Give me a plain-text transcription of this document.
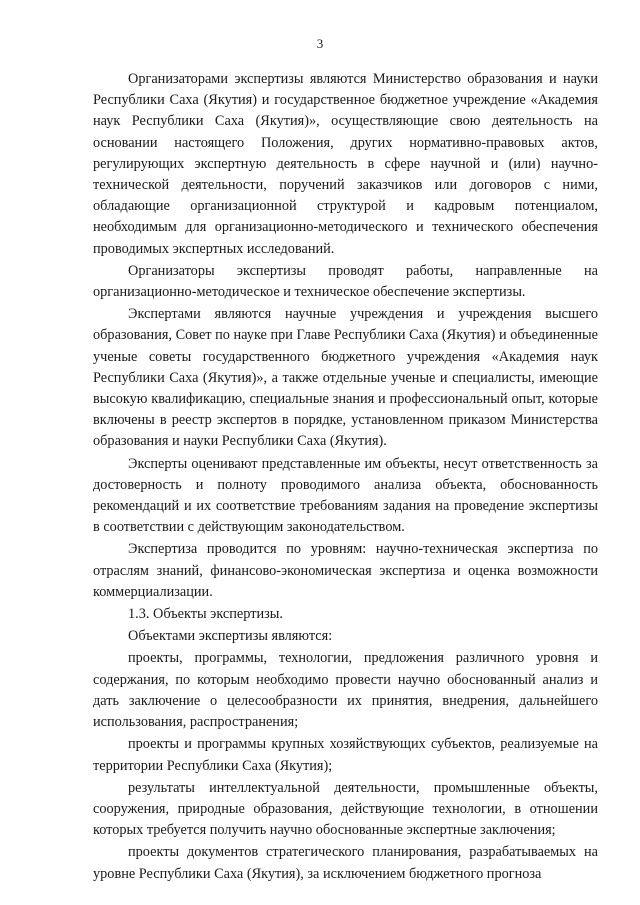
3

Организаторами экспертизы являются Министерство образования и науки Республики Саха (Якутия) и государственное бюджетное учреждение «Академия наук Республики Саха (Якутия)», осуществляющие свою деятельность на основании настоящего Положения, других нормативно-правовых актов, регулирующих экспертную деятельность в сфере научной и (или) научно-технической деятельности, поручений заказчиков или договоров с ними, обладающие организационной структурой и кадровым потенциалом, необходимым для организационно-методического и технического обеспечения проводимых экспертных исследований.

Организаторы экспертизы проводят работы, направленные на организационно-методическое и техническое обеспечение экспертизы.

Экспертами являются научные учреждения и учреждения высшего образования, Совет по науке при Главе Республики Саха (Якутия) и объединенные ученые советы государственного бюджетного учреждения «Академия наук Республики Саха (Якутия)», а также отдельные ученые и специалисты, имеющие высокую квалификацию, специальные знания и профессиональный опыт, которые включены в реестр экспертов в порядке, установленном приказом Министерства образования и науки Республики Саха (Якутия).

Эксперты оценивают представленные им объекты, несут ответственность за достоверность и полноту проводимого анализа объекта, обоснованность рекомендаций и их соответствие требованиям задания на проведение экспертизы в соответствии с действующим законодательством.

Экспертиза проводится по уровням: научно-техническая экспертиза по отраслям знаний, финансово-экономическая экспертиза и оценка возможности коммерциализации.

1.3. Объекты экспертизы.

Объектами экспертизы являются:

проекты, программы, технологии, предложения различного уровня и содержания, по которым необходимо провести научно обоснованный анализ и дать заключение о целесообразности их принятия, внедрения, дальнейшего использования, распространения;

проекты и программы крупных хозяйствующих субъектов, реализуемые на территории Республики Саха (Якутия);

результаты интеллектуальной деятельности, промышленные объекты, сооружения, природные образования, действующие технологии, в отношении которых требуется получить научно обоснованные экспертные заключения;

проекты документов стратегического планирования, разрабатываемых на уровне Республики Саха (Якутия), за исключением бюджетного прогноза
